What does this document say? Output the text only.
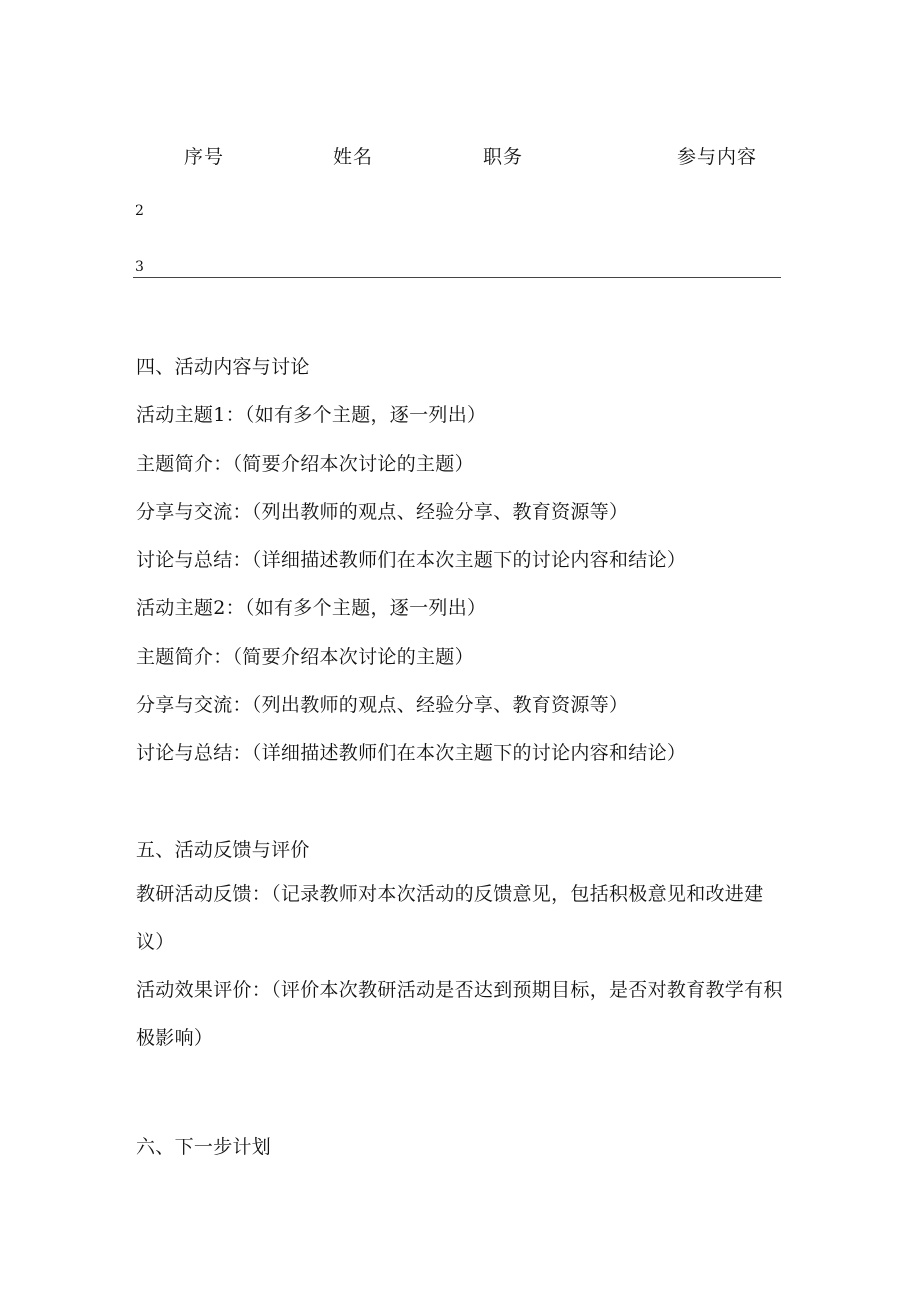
序号	姓名	职务	参与内容
2
3
四、活动内容与讨论
活动主题1：（如有多个主题，逐一列出）
主题简介：（简要介绍本次讨论的主题）
分享与交流：（列出教师的观点、经验分享、教育资源等）
讨论与总结：（详细描述教师们在本次主题下的讨论内容和结论）
活动主题2：（如有多个主题，逐一列出）
主题简介：（简要介绍本次讨论的主题）
分享与交流：（列出教师的观点、经验分享、教育资源等）
讨论与总结：（详细描述教师们在本次主题下的讨论内容和结论）
五、活动反馈与评价
教研活动反馈：（记录教师对本次活动的反馈意见，包括积极意见和改进建议）
活动效果评价：（评价本次教研活动是否达到预期目标，是否对教育教学有积极影响）
六、下一步计划
